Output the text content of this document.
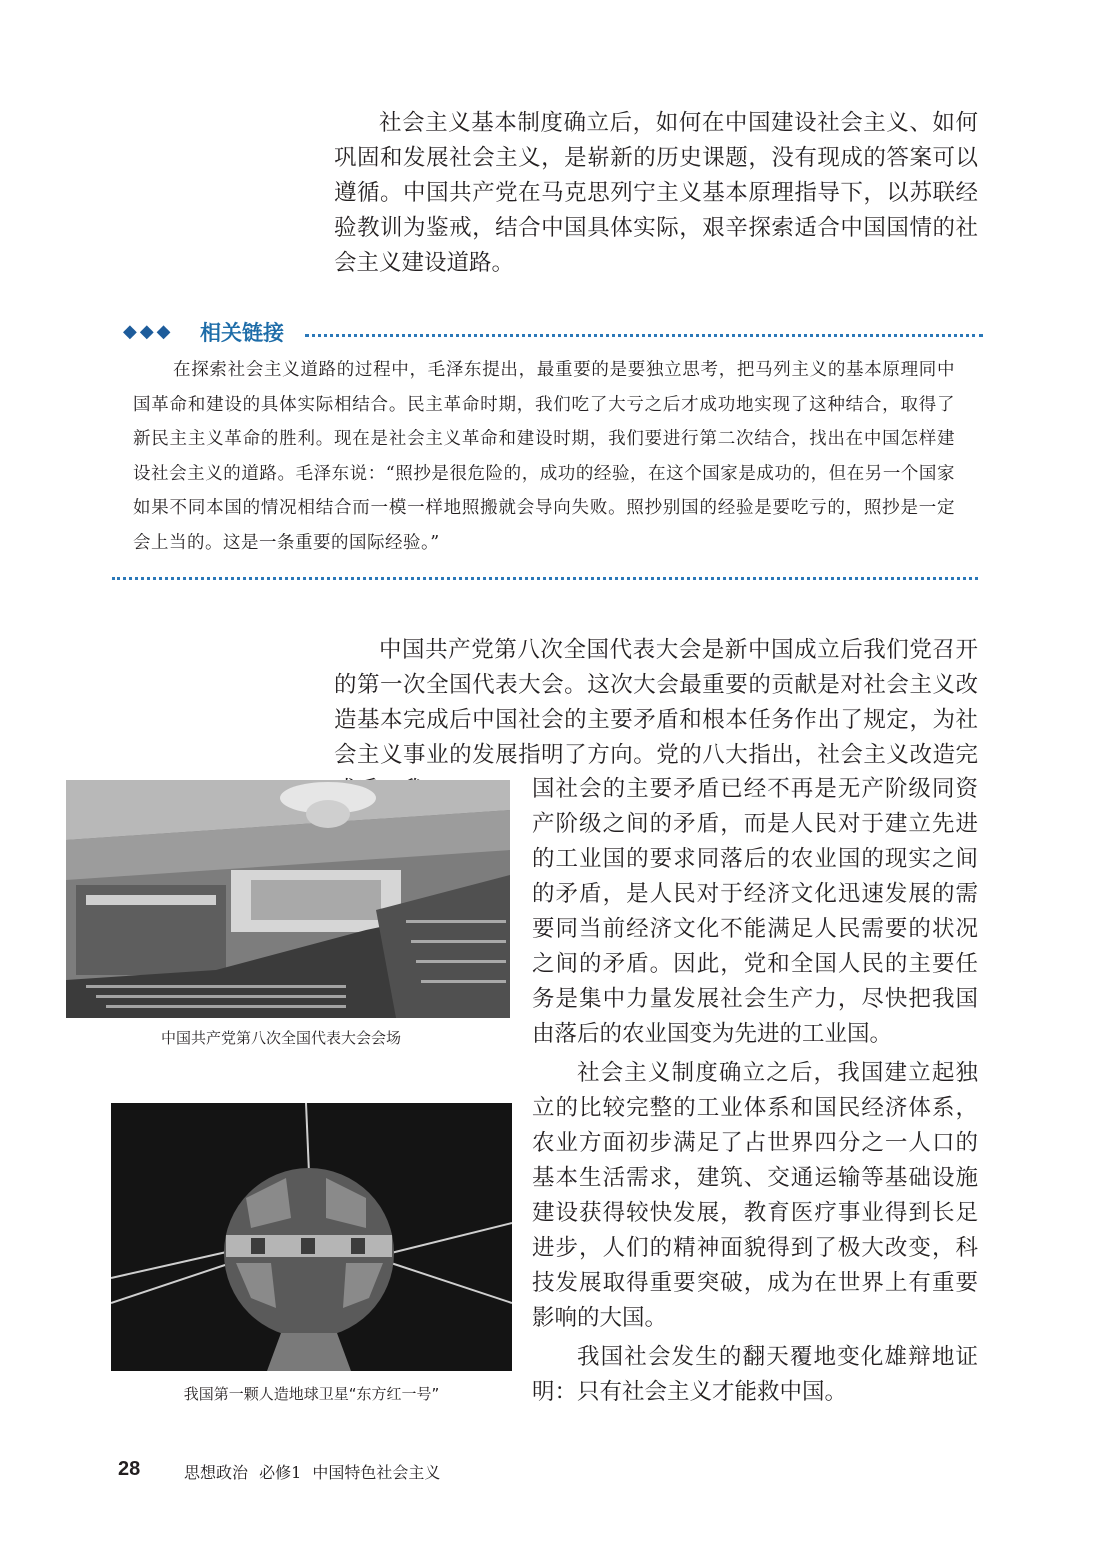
社会主义基本制度确立后，如何在中国建设社会主义、如何巩固和发展社会主义，是崭新的历史课题，没有现成的答案可以遵循。中国共产党在马克思列宁主义基本原理指导下，以苏联经验教训为鉴戒，结合中国具体实际，艰辛探索适合中国国情的社会主义建设道路。

◆◆◆ 相关链接

在探索社会主义道路的过程中，毛泽东提出，最重要的是要独立思考，把马列主义的基本原理同中国革命和建设的具体实际相结合。民主革命时期，我们吃了大亏之后才成功地实现了这种结合，取得了新民主主义革命的胜利。现在是社会主义革命和建设时期，我们要进行第二次结合，找出在中国怎样建设社会主义的道路。毛泽东说：“照抄是很危险的，成功的经验，在这个国家是成功的，但在另一个国家如果不同本国的情况相结合而一模一样地照搬就会导向失败。照抄别国的经验是要吃亏的，照抄是一定会上当的。这是一条重要的国际经验。”

中国共产党第八次全国代表大会是新中国成立后我们党召开的第一次全国代表大会。这次大会最重要的贡献是对社会主义改造基本完成后中国社会的主要矛盾和根本任务作出了规定，为社会主义事业的发展指明了方向。党的八大指出，社会主义改造完

国社会的主要矛盾已经不再是无产阶级同资产阶级之间的矛盾，而是人民对于建立先进的工业国的要求同落后的农业国的现实之间的矛盾，是人民对于经济文化迅速发展的需要同当前经济文化不能满足人民需要的状况之间的矛盾。因此，党和全国人民的主要任务是集中力量发展社会生产力，尽快把我国由落后的农业国变为先进的工业国。

社会主义制度确立之后，我国建立起独立的比较完整的工业体系和国民经济体系，农业方面初步满足了占世界四分之一人口的基本生活需求，建筑、交通运输等基础设施建设获得较快发展，教育医疗事业得到长足进步，人们的精神面貌得到了极大改变，科技发展取得重要突破，成为在世界上有重要影响的大国。

我国社会发生的翻天覆地变化雄辩地证明：只有社会主义才能救中国。

中国共产党第八次全国代表大会会场
我国第一颗人造地球卫星“东方红一号”
28	思想政治 必修1 中国特色社会主义
